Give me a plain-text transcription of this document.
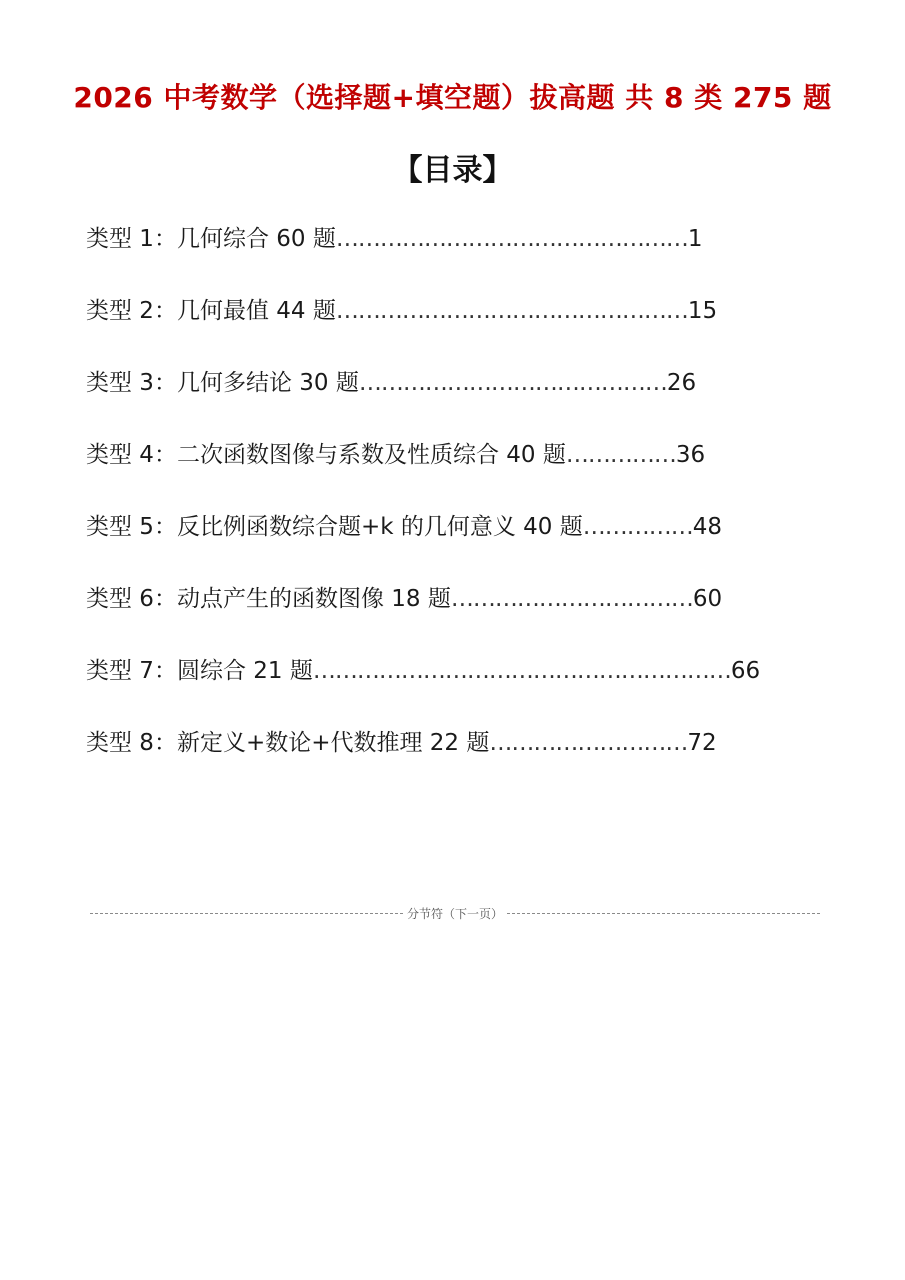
2026 中考数学（选择题+填空题）拔高题 共 8 类 275 题
【目录】
类型 1：几何综合 60 题 ………………………………………… 1
类型 2：几何最值 44 题 ………………………………………… 15
类型 3：几何多结论 30 题 …………………………………… 26
类型 4：二次函数图像与系数及性质综合 40 题 …………… 36
类型 5：反比例函数综合题+k 的几何意义 40 题 …………… 48
类型 6：动点产生的函数图像 18 题 …………………………… 60
类型 7：圆综合 21 题 ………………………………………………… 66
类型 8：新定义+数论+代数推理 22 题 ……………………… 72
分节符（下一页）
